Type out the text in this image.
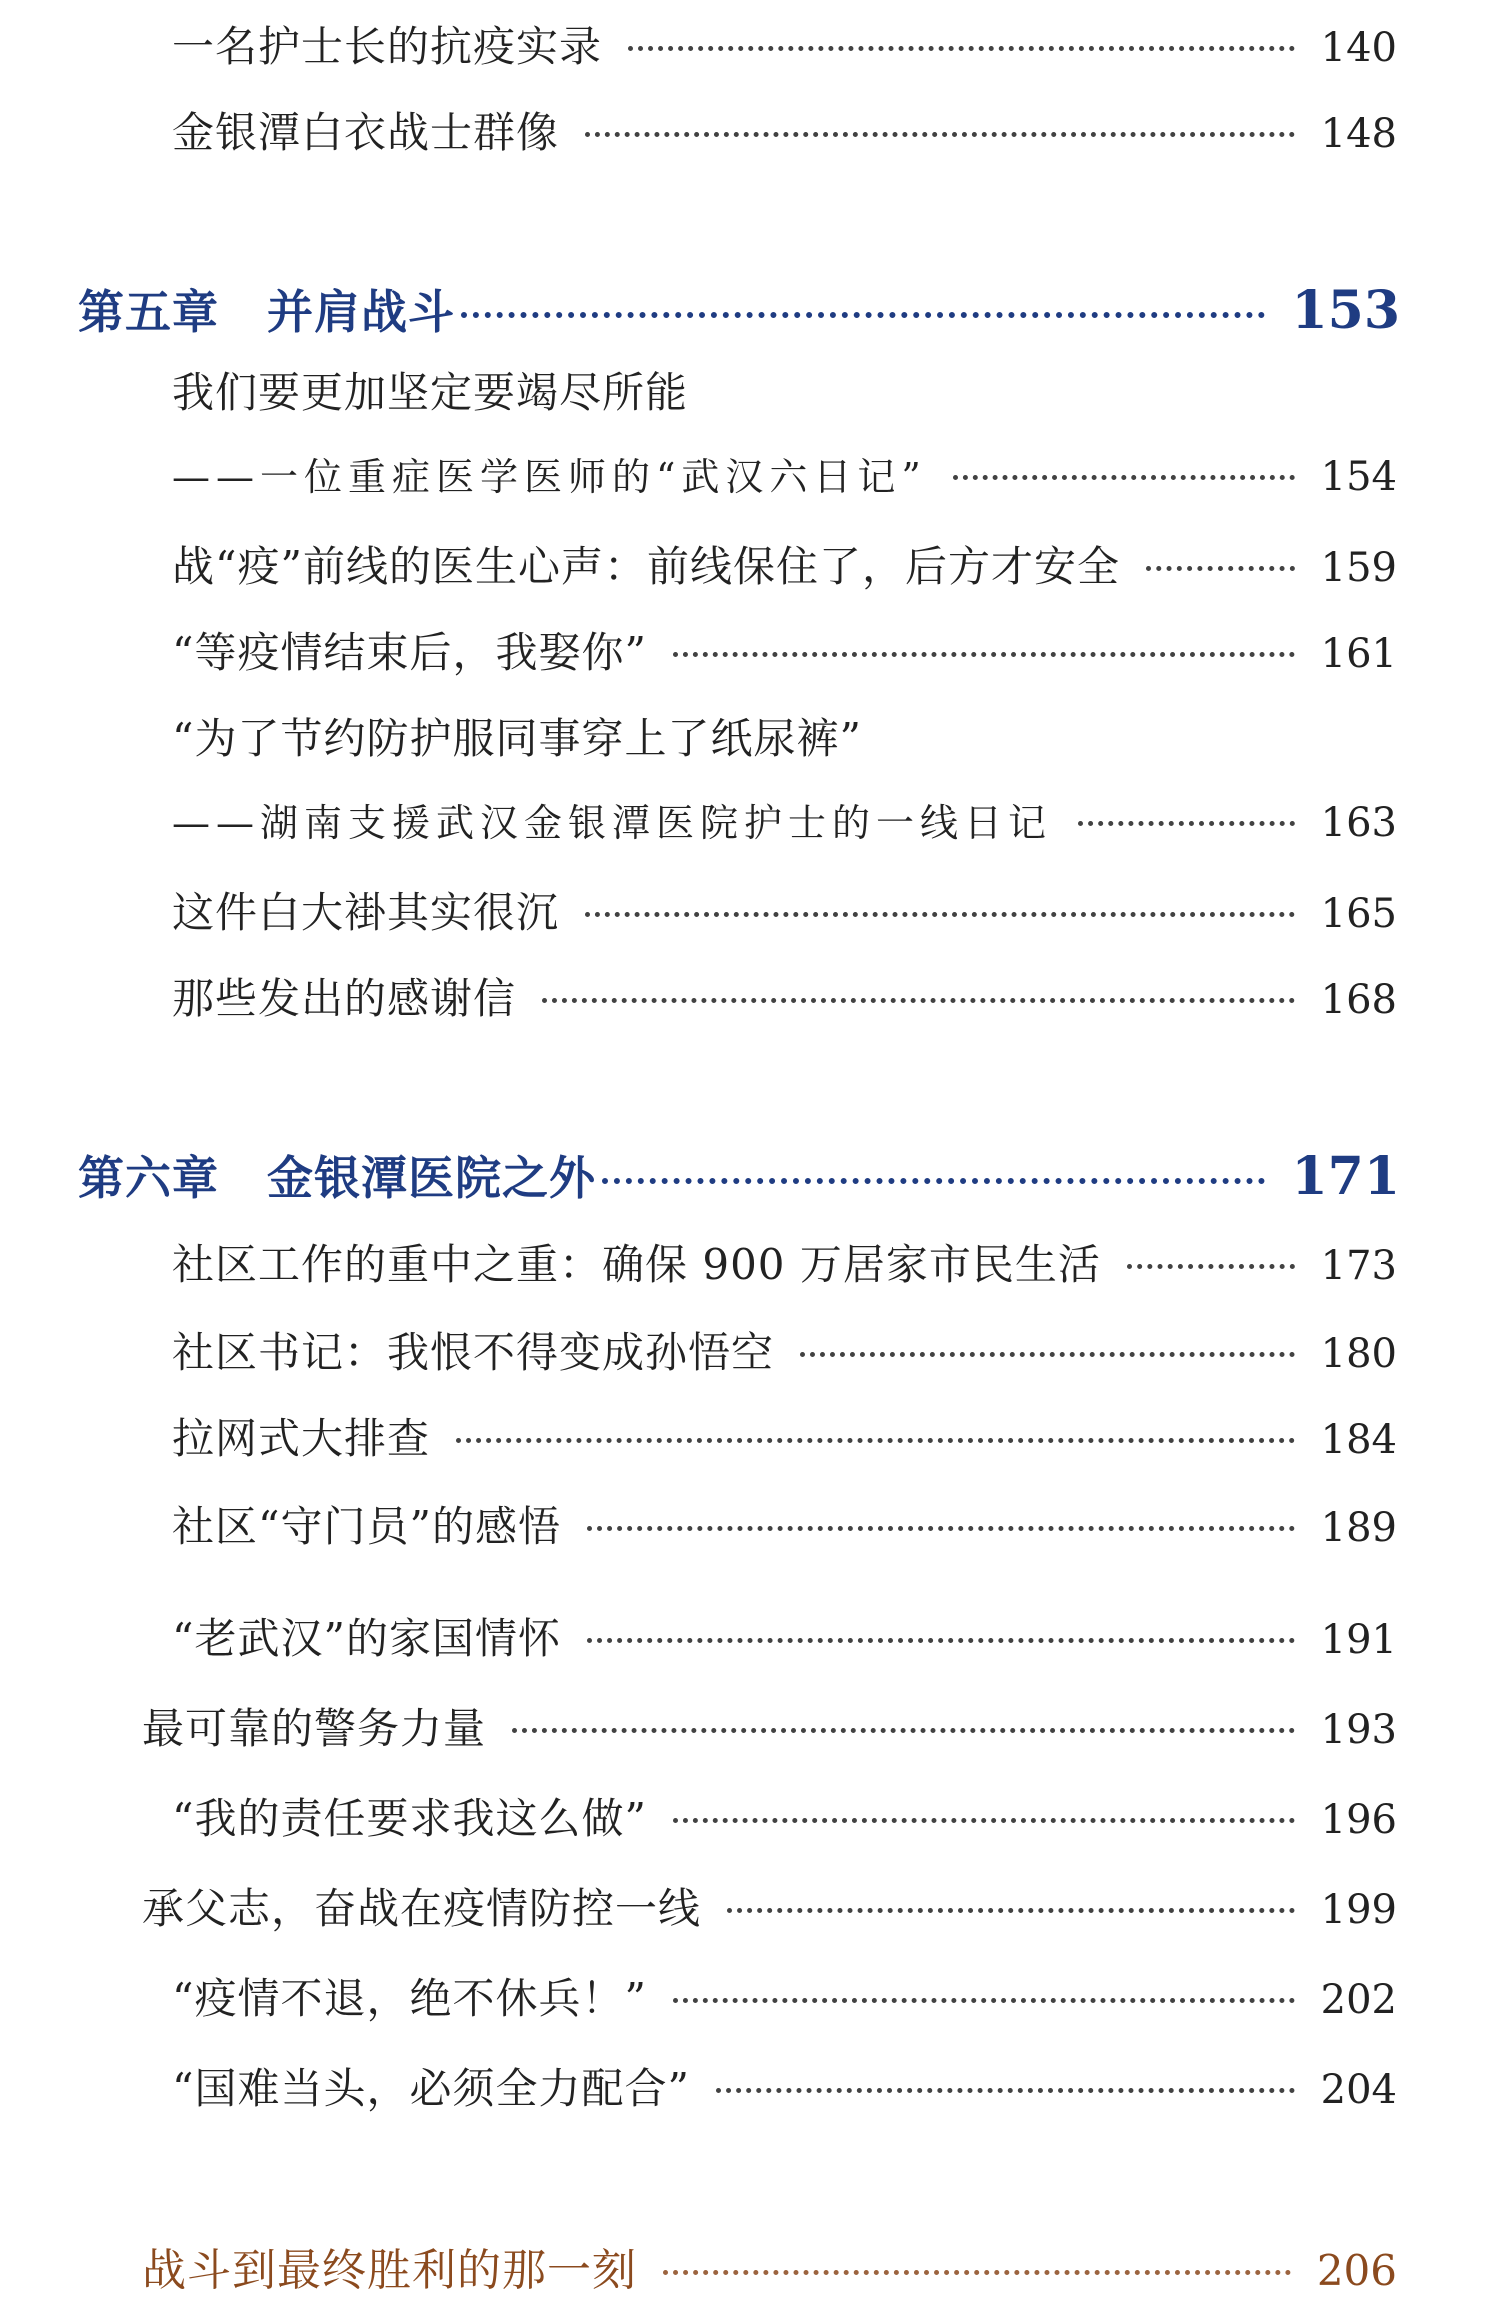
一名护士长的抗疫实录	140
金银潭白衣战士群像	148
第五章 并肩战斗	153
我们要更加坚定要竭尽所能
——一位重症医学医师的“武汉六日记”	154
战“疫”前线的医生心声：前线保住了，后方才安全	159
“等疫情结束后，我娶你”	161
“为了节约防护服同事穿上了纸尿裤”
——湖南支援武汉金银潭医院护士的一线日记	163
这件白大褂其实很沉	165
那些发出的感谢信	168
第六章 金银潭医院之外	171
社区工作的重中之重：确保 900 万居家市民生活	173
社区书记：我恨不得变成孙悟空	180
拉网式大排查	184
社区“守门员”的感悟	189
“老武汉”的家国情怀	191
最可靠的警务力量	193
“我的责任要求我这么做”	196
承父志，奋战在疫情防控一线	199
“疫情不退，绝不休兵！”	202
“国难当头，必须全力配合”	204
战斗到最终胜利的那一刻	206
